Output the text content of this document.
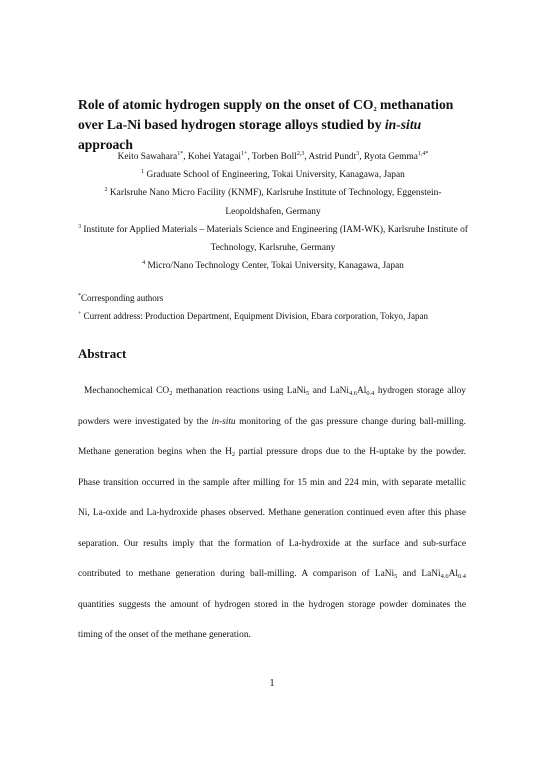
Role of atomic hydrogen supply on the onset of $CO_2$ methanation over La-Ni based hydrogen storage alloys studied by in-situ approach

Keito Sawahara$^{1*}$, Kohei Yatagai$^{1+}$, Torben Boll$^{2,3}$, Astrid Pundt$^3$, Ryota Gemma$^{1,4*}$

$^1$ Graduate School of Engineering, Tokai University, Kanagawa, Japan

$^2$ Karlsruhe Nano Micro Facility (KNMF), Karlsruhe Institute of Technology, Eggenstein-Leopoldshafen, Germany

$^3$ Institute for Applied Materials – Materials Science and Engineering (IAM-WK), Karlsruhe Institute of Technology, Karlsruhe, Germany

$^4$ Micro/Nano Technology Center, Tokai University, Kanagawa, Japan

*Corresponding authors

+ Current address: Production Department, Equipment Division, Ebara corporation, Tokyo, Japan

Abstract

Mechanochemical $CO_2$ methanation reactions using LaNi$_5$ and $LaNi_{4.6}Al_{0.4}$ hydrogen storage alloy powders were investigated by the in-situ monitoring of the gas pressure change during ball-milling. Methane generation begins when the $H_2$ partial pressure drops due to the H-uptake by the powder. Phase transition occurred in the sample after milling for 15 min and 224 min, with separate metallic Ni, La-oxide and La-hydroxide phases observed. Methane generation continued even after this phase separation. Our results imply that the formation of La-hydroxide at the surface and sub-surface contributed to methane generation during ball-milling. A comparison of LaNi$_5$ and $LaNi_{4.6}Al_{0.4}$ quantities suggests the amount of hydrogen stored in the hydrogen storage powder dominates the timing of the onset of the methane generation.

1
